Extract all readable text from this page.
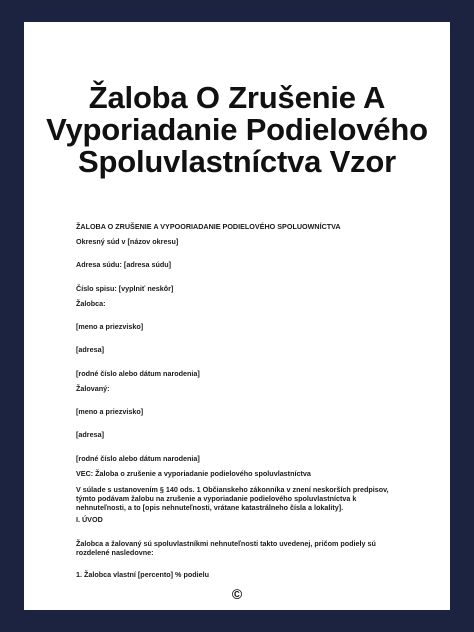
Žaloba O Zrušenie A Vyporiadanie Podielového Spoluvlastníctva Vzor

ŽALOBA O ZRUŠENIE A VYPOORIADANIE PODIELOVÉHO SPOLUOWNÍCTVA

Okresný súd v [názov okresu]

Adresa súdu: [adresa súdu]

Číslo spisu: [vyplniť neskôr]

Žalobca:

[meno a priezvisko]

[adresa]

[rodné číslo alebo dátum narodenia]

Žalovaný:

[meno a priezvisko]

[adresa]

[rodné číslo alebo dátum narodenia]

VEC: Žaloba o zrušenie a vyporiadanie podielového spoluvlastníctva

V súlade s ustanovením § 140 ods. 1 Občianskeho zákonníka v znení neskorších predpisov, týmto podávam žalobu na zrušenie a vyporiadanie podielového spoluvlastníctva k nehnuteľnosti, a to [opis nehnuteľnosti, vrátane katastrálneho čísla a lokality].

I. ÚVOD

Žalobca a žalovaný sú spoluvlastníkmi nehnuteľnosti takto uvedenej, pričom podiely sú rozdelené nasledovne:

1. Žalobca vlastní [percento] % podielu

©
